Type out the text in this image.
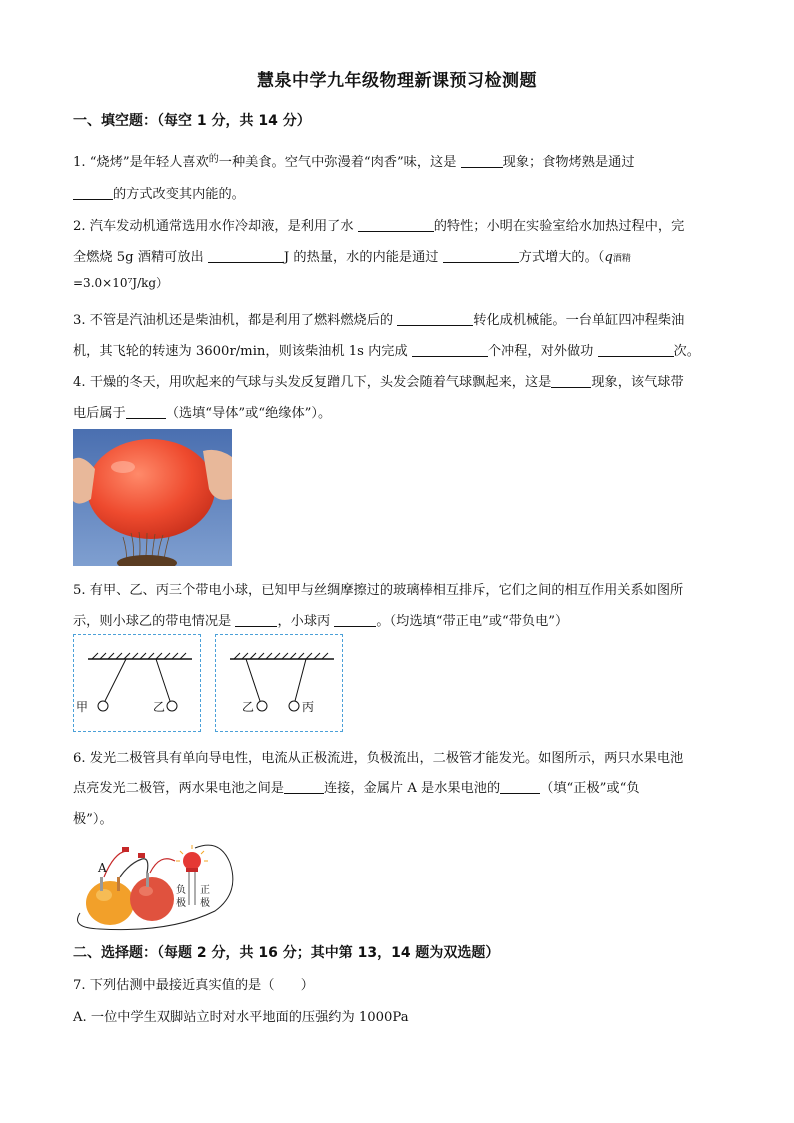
慧泉中学九年级物理新课预习检测题
一、填空题：（每空 1 分，共 14 分）
1. “烧烤”是年轻人喜欢$^的$一种美食。空气中弥漫着“肉香”味，这是	现象；食物烤熟是通过
的方式改变其内能的。
2. 汽车发动机通常选用水作冷却液，是利用了水	的特性；小明在实验室给水加热过程中，完
全燃烧 5g 酒精可放出	J 的热量，水的内能是通过	方式增大的。（q酒精
=3.0×10⁷J/kg）
3. 不管是汽油机还是柴油机，都是利用了燃料燃烧后的	转化成机械能。一台单缸四冲程柴油
机，其飞轮的转速为 3600r/min，则该柴油机 1s 内完成	个冲程，对外做功	次。
4. 干燥的冬天，用吹起来的气球与头发反复蹭几下，头发会随着气球飘起来，这是	现象，该气球带
电后属于	（选填“导体”或“绝缘体”）。
5. 有甲、乙、丙三个带电小球，已知甲与丝绸摩擦过的玻璃棒相互排斥，它们之间的相互作用关系如图所
示，则小球乙的带电情况是	，小球丙	。（均选填“带正电”或“带负电”）
甲	乙	乙	丙
6. 发光二极管具有单向导电性，电流从正极流进，负极流出，二极管才能发光。如图所示，两只水果电池
点亮发光二极管，两水果电池之间是	连接，金属片 A 是水果电池的	（填“正极”或“负
极”）。
A
负
极
正
极
二、选择题：（每题 2 分，共 16 分；其中第 13，14 题为双选题）
7. 下列估测中最接近真实值的是（　　）
A. 一位中学生双脚站立时对水平地面的压强约为 1000Pa
